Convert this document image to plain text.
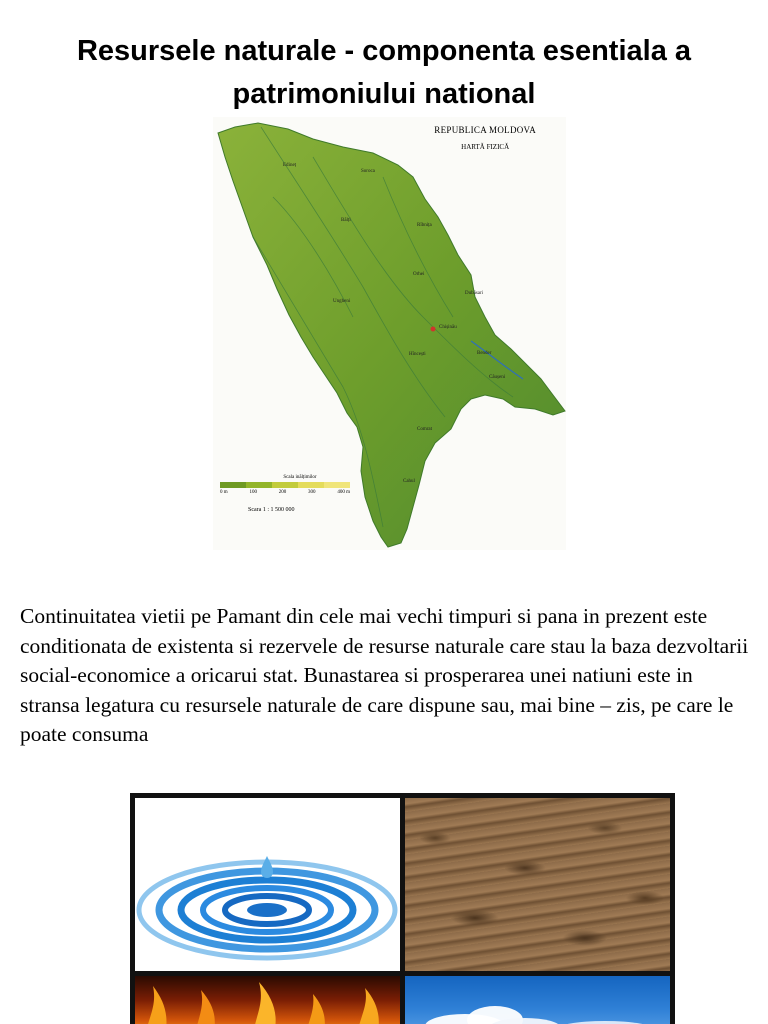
Resursele naturale - componenta esentiala a patrimoniului national
REPUBLICA MOLDOVA
HARTĂ FIZICĂ
Edineț
Soroca
Bălți
Rîbnița
Orhei
Dubăsari
Ungheni
Chișinău
Bender
Hîncești
Căușeni
Comrat
Cahul
Scala inălțimilor
0 m	100	200	300	400 m
Scara 1 : 1 500 000

Continuitatea vietii pe Pamant din cele mai vechi timpuri si pana in prezent este conditionata de existenta si rezervele de resurse naturale care stau la baza dezvoltarii social-economice a oricarui stat. Bunastarea si prosperarea unei natiuni este in stransa legatura cu resursele naturale de care dispune sau, mai bine – zis, pe care le poate consuma
